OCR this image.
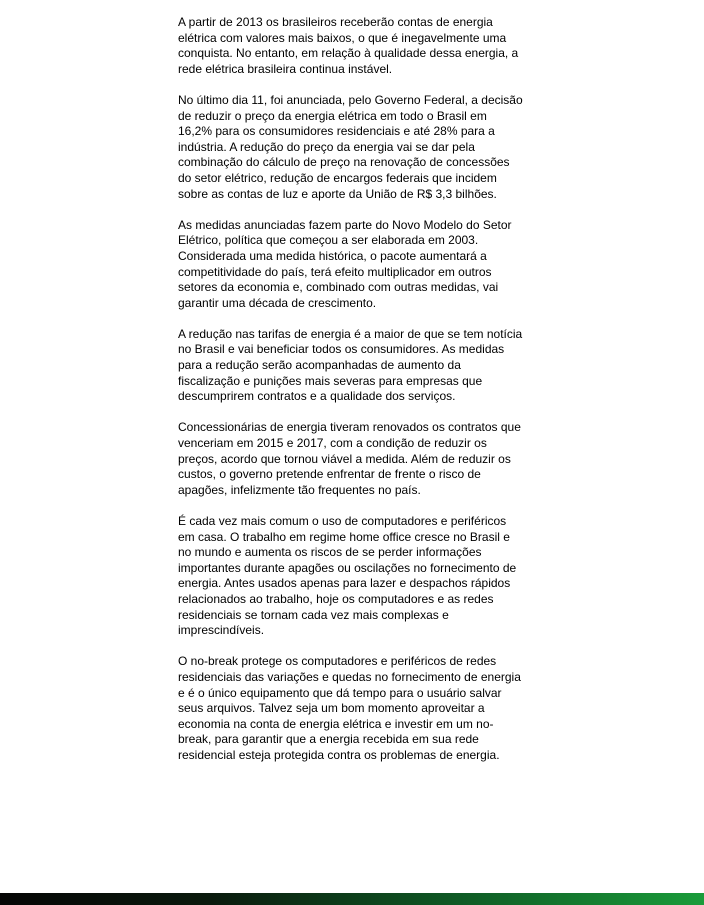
A partir de 2013 os brasileiros receberão contas de energia elétrica com valores mais baixos, o que é inegavelmente uma conquista. No entanto, em relação à qualidade dessa energia, a rede elétrica brasileira continua instável.

No último dia 11, foi anunciada, pelo Governo Federal, a decisão de reduzir o preço da energia elétrica em todo o Brasil em 16,2% para os consumidores residenciais e até 28% para a indústria. A redução do preço da energia vai se dar pela combinação do cálculo de preço na renovação de concessões do setor elétrico, redução de encargos federais que incidem sobre as contas de luz e aporte da União de R$ 3,3 bilhões.

As medidas anunciadas fazem parte do Novo Modelo do Setor Elétrico, política que começou a ser elaborada em 2003. Considerada uma medida histórica, o pacote aumentará a competitividade do país, terá efeito multiplicador em outros setores da economia e, combinado com outras medidas, vai garantir uma década de crescimento.

A redução nas tarifas de energia é a maior de que se tem notícia no Brasil e vai beneficiar todos os consumidores. As medidas para a redução serão acompanhadas de aumento da fiscalização e punições mais severas para empresas que descumprirem contratos e a qualidade dos serviços.

Concessionárias de energia tiveram renovados os contratos que venceriam em 2015 e 2017, com a condição de reduzir os preços, acordo que tornou viável a medida. Além de reduzir os custos, o governo pretende enfrentar de frente o risco de apagões, infelizmente tão frequentes no país.

É cada vez mais comum o uso de computadores e periféricos em casa. O trabalho em regime home office cresce no Brasil e no mundo e aumenta os riscos de se perder informações importantes durante apagões ou oscilações no fornecimento de energia. Antes usados apenas para lazer e despachos rápidos relacionados ao trabalho, hoje os computadores e as redes residenciais se tornam cada vez mais complexas e imprescindíveis.

O no-break protege os computadores e periféricos de redes residenciais das variações e quedas no fornecimento de energia e é o único equipamento que dá tempo para o usuário salvar seus arquivos. Talvez seja um bom momento aproveitar a economia na conta de energia elétrica e investir em um no-break, para garantir que a energia recebida em sua rede residencial esteja protegida contra os problemas de energia.
